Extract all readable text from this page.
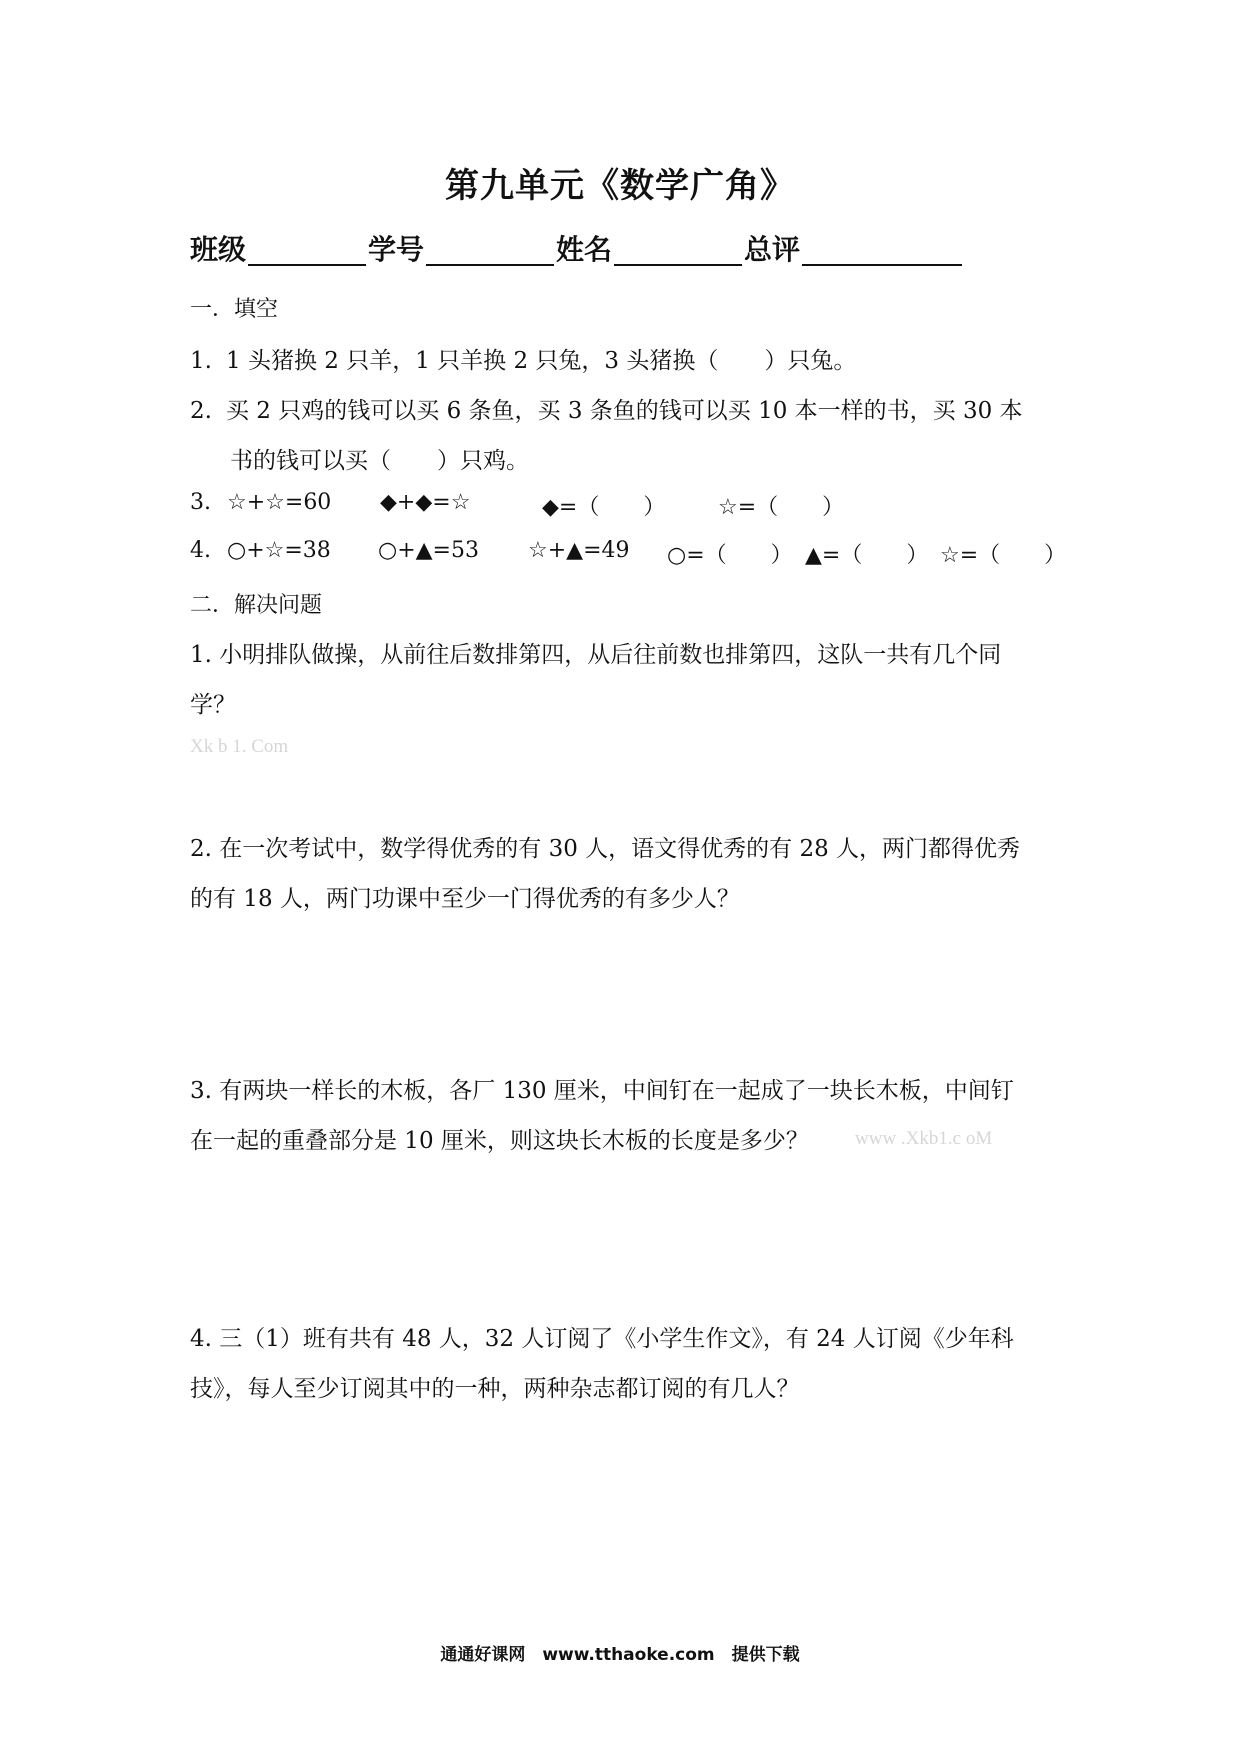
第九单元《数学广角》
班级	学号	姓名	总评
一．填空
1. 1 头猪换 2 只羊，1 只羊换 2 只兔，3 头猪换（　　）只兔。
2. 买 2 只鸡的钱可以买 6 条鱼，买 3 条鱼的钱可以买 10 本一样的书，买 30 本
书的钱可以买（　　）只鸡。
3. ☆+☆=60 ◆+◆=☆	◆=（　　） ☆=（　　）
4. ○+☆=38 ○+▲=53 ☆+▲=49 ○=（　　） ▲=（　　） ☆=（　　）
二．解决问题
1. 小明排队做操，从前往后数排第四，从后往前数也排第四，这队一共有几个同
学？
Xk b 1. Com
2. 在一次考试中，数学得优秀的有 30 人，语文得优秀的有 28 人，两门都得优秀
的有 18 人，两门功课中至少一门得优秀的有多少人？
3. 有两块一样长的木板，各厂 130 厘米，中间钉在一起成了一块长木板，中间钉
在一起的重叠部分是 10 厘米，则这块长木板的长度是多少？ www .Xkb1.c oM
4. 三（1）班有共有 48 人，32 人订阅了《小学生作文》，有 24 人订阅《少年科
技》，每人至少订阅其中的一种，两种杂志都订阅的有几人？
通通好课网　www.tthaoke.com　提供下载
